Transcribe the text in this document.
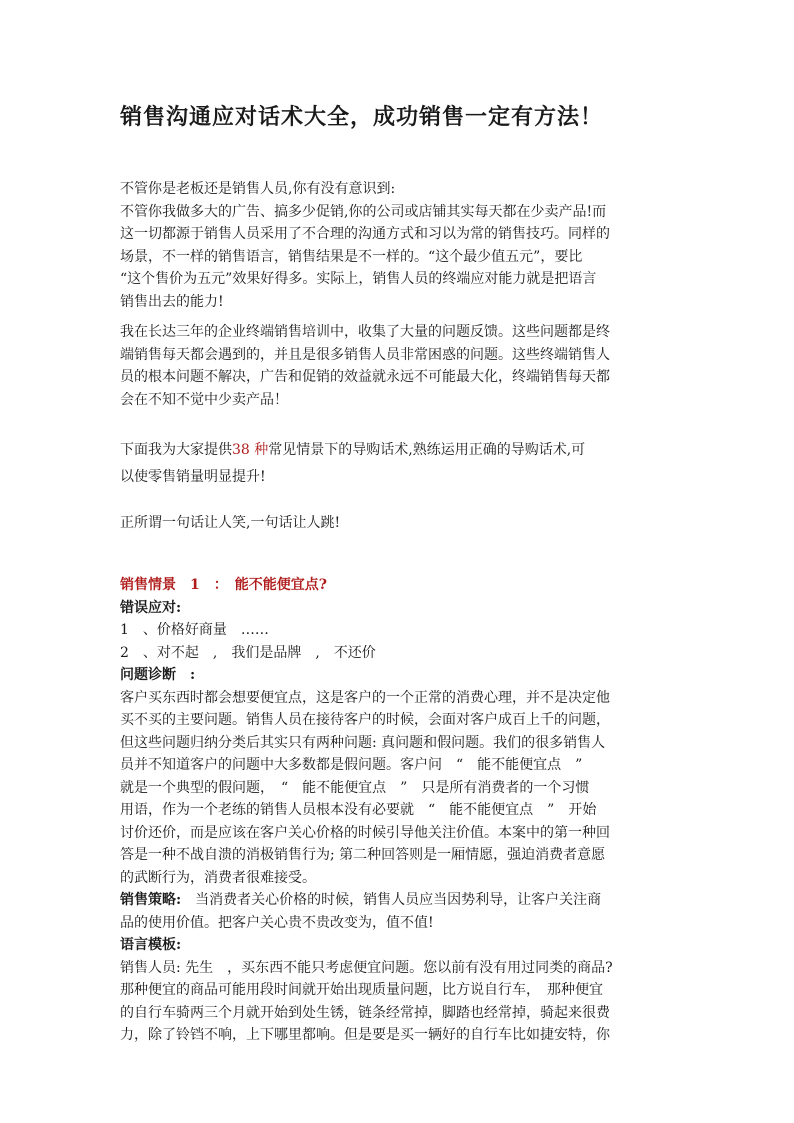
销售沟通应对话术大全，成功销售一定有方法！
不管你是老板还是销售人员,你有没有意识到:
不管你我做多大的广告、搞多少促销,你的公司或店铺其实每天都在少卖产品!而
这一切都源于销售人员采用了不合理的沟通方式和习以为常的销售技巧。同样的
场景，不一样的销售语言，销售结果是不一样的。“这个最少值五元”，要比
“这个售价为五元”效果好得多。实际上，销售人员的终端应对能力就是把语言
销售出去的能力!
我在长达三年的企业终端销售培训中，收集了大量的问题反馈。这些问题都是终
端销售每天都会遇到的，并且是很多销售人员非常困惑的问题。这些终端销售人
员的根本问题不解决，广告和促销的效益就永远不可能最大化，终端销售每天都
会在不知不觉中少卖产品！
下面我为大家提供38 种常见情景下的导购话术,熟练运用正确的导购话术,可
以使零售销量明显提升!
正所谓一句话让人笑,一句话让人跳!
销售情景　1　：　能不能便宜点?
错误应对:
1　、价格好商量　……
2　、对不起　,　我们是品牌　,　不还价
问题诊断　:
客户买东西时都会想要便宜点，这是客户的一个正常的消费心理，并不是决定他
买不买的主要问题。销售人员在接待客户的时候，会面对客户成百上千的问题，
但这些问题归纳分类后其实只有两种问题: 真问题和假问题。我们的很多销售人
员并不知道客户的问题中大多数都是假问题。客户问　“　能不能便宜点　”
就是一个典型的假问题，　“　能不能便宜点　”　只是所有消费者的一个习惯
用语，作为一个老练的销售人员根本没有必要就　“　能不能便宜点　”　开始
讨价还价，而是应该在客户关心价格的时候引导他关注价值。本案中的第一种回
答是一种不战自溃的消极销售行为; 第二种回答则是一厢情愿，强迫消费者意愿
的武断行为，消费者很难接受。
销售策略:　当消费者关心价格的时候，销售人员应当因势利导，让客户关注商
品的使用价值。把客户关心贵不贵改变为，值不值!
语言模板:
销售人员: 先生　，买东西不能只考虑便宜问题。您以前有没有用过同类的商品?
那种便宜的商品可能用段时间就开始出现质量问题，比方说自行车，　那种便宜
的自行车骑两三个月就开始到处生锈，链条经常掉，脚踏也经常掉，骑起来很费
力，除了铃铛不响，上下哪里都响。但是要是买一辆好的自行车比如捷安特，你
